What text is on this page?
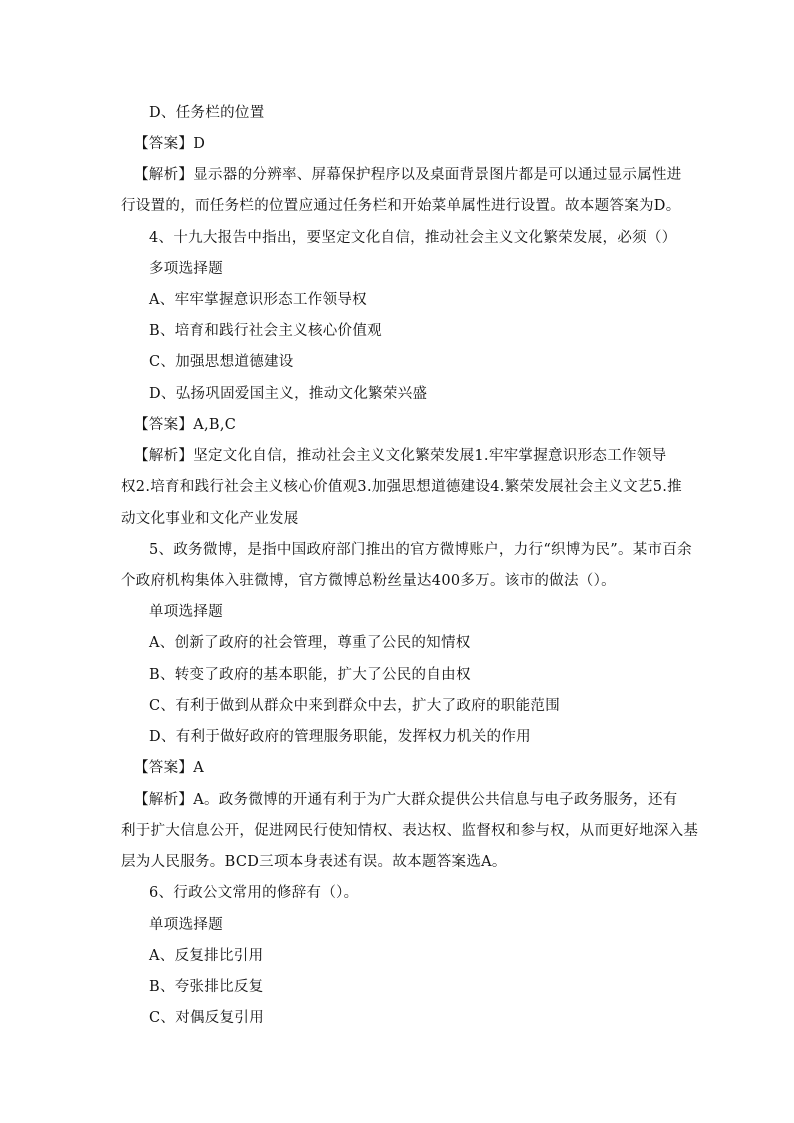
D、任务栏的位置
【答案】D
【解析】显示器的分辨率、屏幕保护程序以及桌面背景图片都是可以通过显示属性进
行设置的，而任务栏的位置应通过任务栏和开始菜单属性进行设置。故本题答案为D。
4、十九大报告中指出，要坚定文化自信，推动社会主义文化繁荣发展，必须（）
多项选择题
A、牢牢掌握意识形态工作领导权
B、培育和践行社会主义核心价值观
C、加强思想道德建设
D、弘扬巩固爱国主义，推动文化繁荣兴盛
【答案】A,B,C
【解析】坚定文化自信，推动社会主义文化繁荣发展1.牢牢掌握意识形态工作领导
权2.培育和践行社会主义核心价值观3.加强思想道德建设4.繁荣发展社会主义文艺5.推
动文化事业和文化产业发展
5、政务微博，是指中国政府部门推出的官方微博账户，力行“织博为民”。某市百余
个政府机构集体入驻微博，官方微博总粉丝量达400多万。该市的做法（）。
单项选择题
A、创新了政府的社会管理，尊重了公民的知情权
B、转变了政府的基本职能，扩大了公民的自由权
C、有利于做到从群众中来到群众中去，扩大了政府的职能范围
D、有利于做好政府的管理服务职能，发挥权力机关的作用
【答案】A
【解析】A。政务微博的开通有利于为广大群众提供公共信息与电子政务服务，还有
利于扩大信息公开，促进网民行使知情权、表达权、监督权和参与权，从而更好地深入基
层为人民服务。BCD三项本身表述有误。故本题答案选A。
6、行政公文常用的修辞有（）。
单项选择题
A、反复排比引用
B、夸张排比反复
C、对偶反复引用
